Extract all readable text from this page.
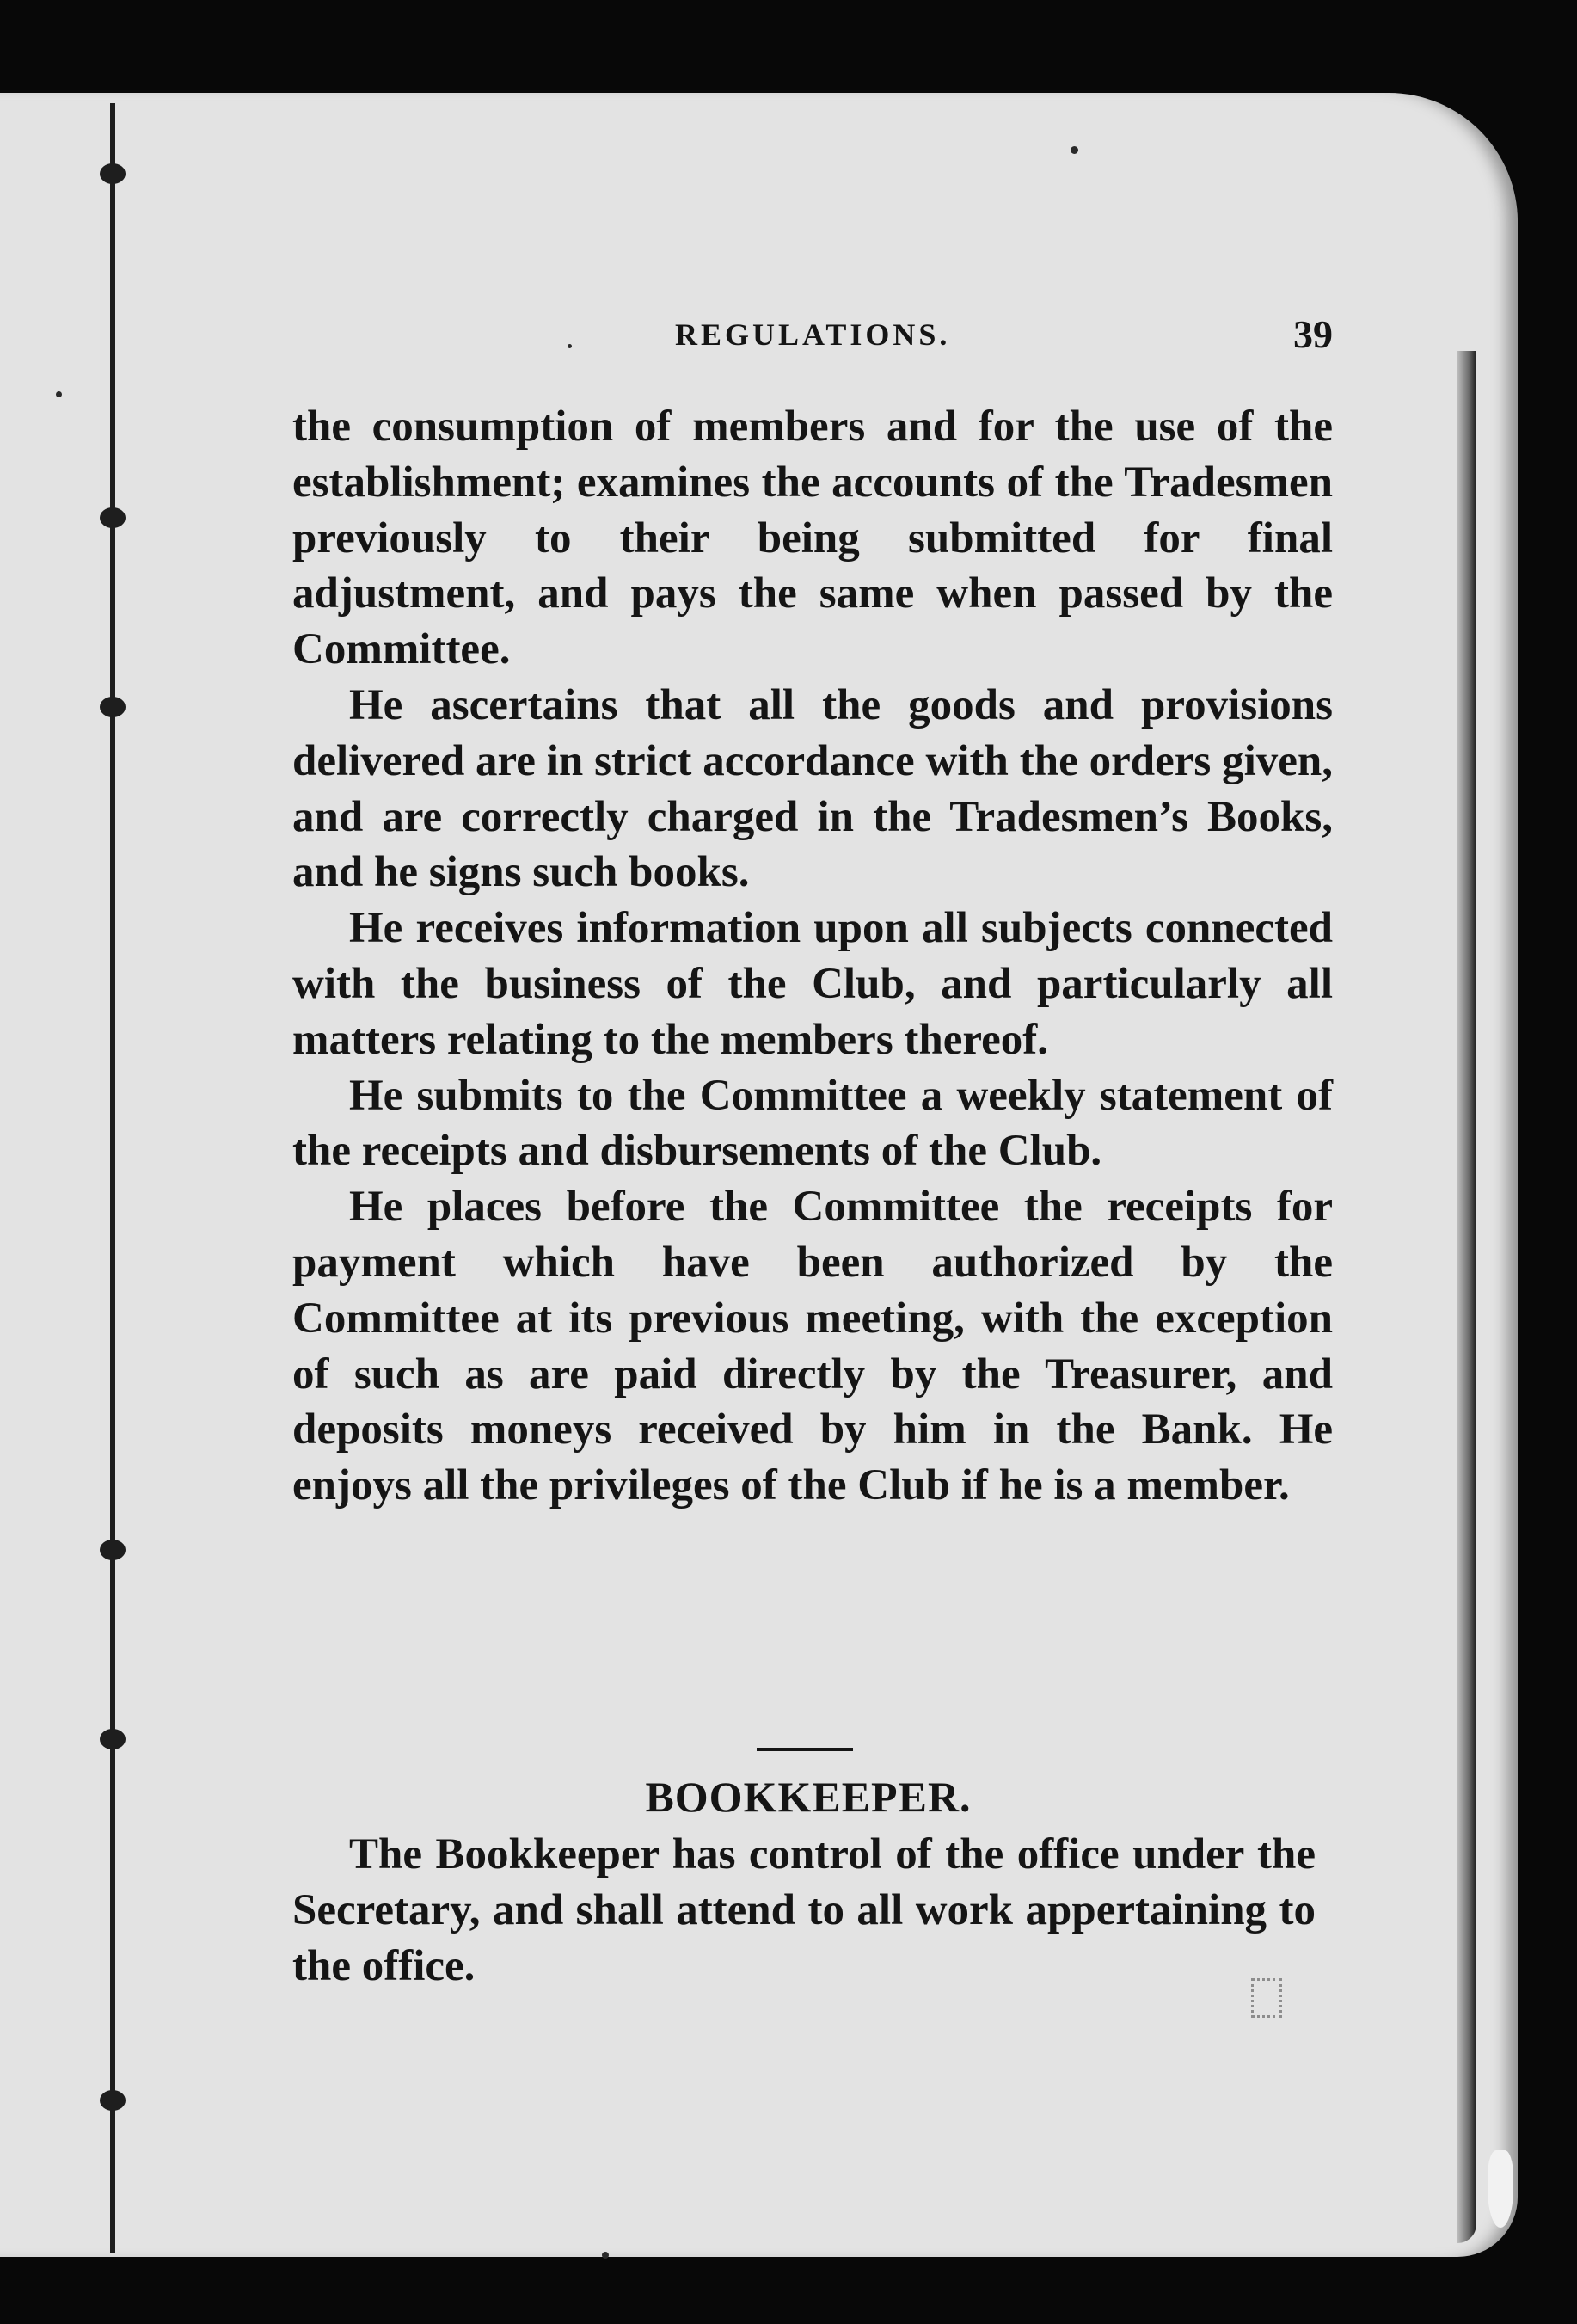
REGULATIONS.	39

the consumption of members and for the use of the establishment; examines the accounts of the Tradesmen previously to their being submitted for final adjustment, and pays the same when passed by the Committee.

He ascertains that all the goods and provisions delivered are in strict accordance with the orders given, and are correctly charged in the Tradesmen’s Books, and he signs such books.

He receives information upon all subjects connected with the business of the Club, and particularly all matters relating to the members thereof.

He submits to the Committee a weekly statement of the receipts and disbursements of the Club.

He places before the Committee the receipts for payment which have been authorized by the Committee at its previous meeting, with the exception of such as are paid directly by the Treasurer, and deposits moneys received by him in the Bank. He enjoys all the privileges of the Club if he is a member.

BOOKKEEPER.

The Bookkeeper has control of the office under the Secretary, and shall attend to all work appertaining to the office.
